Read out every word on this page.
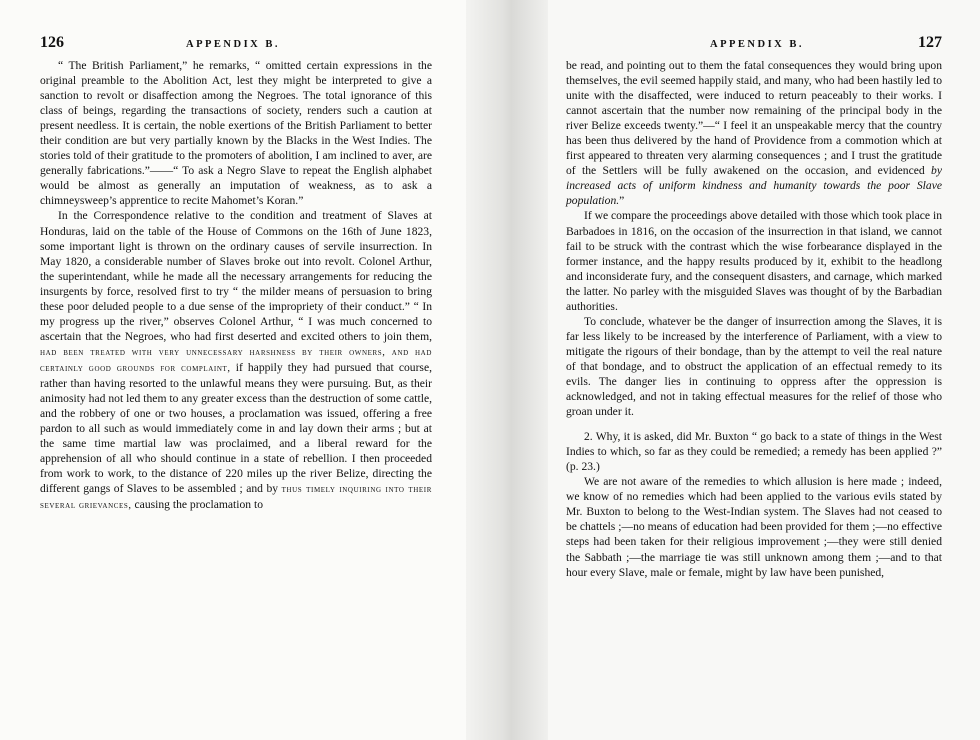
126	APPENDIX B.

“ The British Parliament,” he remarks, “ omitted certain expressions in the original preamble to the Abolition Act, lest they might be interpreted to give a sanction to revolt or disaffection among the Negroes. The total ignorance of this class of beings, regarding the transactions of society, renders such a caution at present needless. It is certain, the noble exertions of the British Parliament to better their condition are but very partially known by the Blacks in the West Indies. The stories told of their gratitude to the promoters of abolition, I am inclined to aver, are generally fabrications.”——“ To ask a Negro Slave to repeat the English alphabet would be almost as generally an imputation of weakness, as to ask a chimneysweep’s apprentice to recite Mahomet’s Koran.”

In the Correspondence relative to the condition and treatment of Slaves at Honduras, laid on the table of the House of Commons on the 16th of June 1823, some important light is thrown on the ordinary causes of servile insurrection. In May 1820, a considerable number of Slaves broke out into revolt. Colonel Arthur, the superintendant, while he made all the necessary arrangements for reducing the insurgents by force, resolved first to try “ the milder means of persuasion to bring these poor deluded people to a due sense of the impropriety of their conduct.” “ In my progress up the river,” observes Colonel Arthur, “ I was much concerned to ascertain that the Negroes, who had first deserted and excited others to join them, had been treated with very unnecessary harshness by their owners, and had certainly good grounds for complaint, if happily they had pursued that course, rather than having resorted to the unlawful means they were pursuing. But, as their animosity had not led them to any greater excess than the destruction of some cattle, and the robbery of one or two houses, a proclamation was issued, offering a free pardon to all such as would immediately come in and lay down their arms ; but at the same time martial law was proclaimed, and a liberal reward for the apprehension of all who should continue in a state of rebellion. I then proceeded from work to work, to the distance of 220 miles up the river Belize, directing the different gangs of Slaves to be assembled ; and by thus timely inquiring into their several grievances, causing the proclamation to

APPENDIX B.	127

be read, and pointing out to them the fatal consequences they would bring upon themselves, the evil seemed happily staid, and many, who had been hastily led to unite with the disaffected, were induced to return peaceably to their works. I cannot ascertain that the number now remaining of the principal body in the river Belize exceeds twenty.”—“ I feel it an unspeakable mercy that the country has been thus delivered by the hand of Providence from a commotion which at first appeared to threaten very alarming consequences ; and I trust the gratitude of the Settlers will be fully awakened on the occasion, and evidenced by increased acts of uniform kindness and humanity towards the poor Slave population.”

If we compare the proceedings above detailed with those which took place in Barbadoes in 1816, on the occasion of the insurrection in that island, we cannot fail to be struck with the contrast which the wise forbearance displayed in the former instance, and the happy results produced by it, exhibit to the headlong and inconsiderate fury, and the consequent disasters, and carnage, which marked the latter. No parley with the misguided Slaves was thought of by the Barbadian authorities.

To conclude, whatever be the danger of insurrection among the Slaves, it is far less likely to be increased by the interference of Parliament, with a view to mitigate the rigours of their bondage, than by the attempt to veil the real nature of that bondage, and to obstruct the application of an effectual remedy to its evils. The danger lies in continuing to oppress after the oppression is acknowledged, and not in taking effectual measures for the relief of those who groan under it.

2. Why, it is asked, did Mr. Buxton “ go back to a state of things in the West Indies to which, so far as they could be remedied; a remedy has been applied ?” (p. 23.)

We are not aware of the remedies to which allusion is here made ; indeed, we know of no remedies which had been applied to the various evils stated by Mr. Buxton to belong to the West-Indian system. The Slaves had not ceased to be chattels ;—no means of education had been provided for them ;—no effective steps had been taken for their religious improvement ;—they were still denied the Sabbath ;—the marriage tie was still unknown among them ;—and to that hour every Slave, male or female, might by law have been punished,
